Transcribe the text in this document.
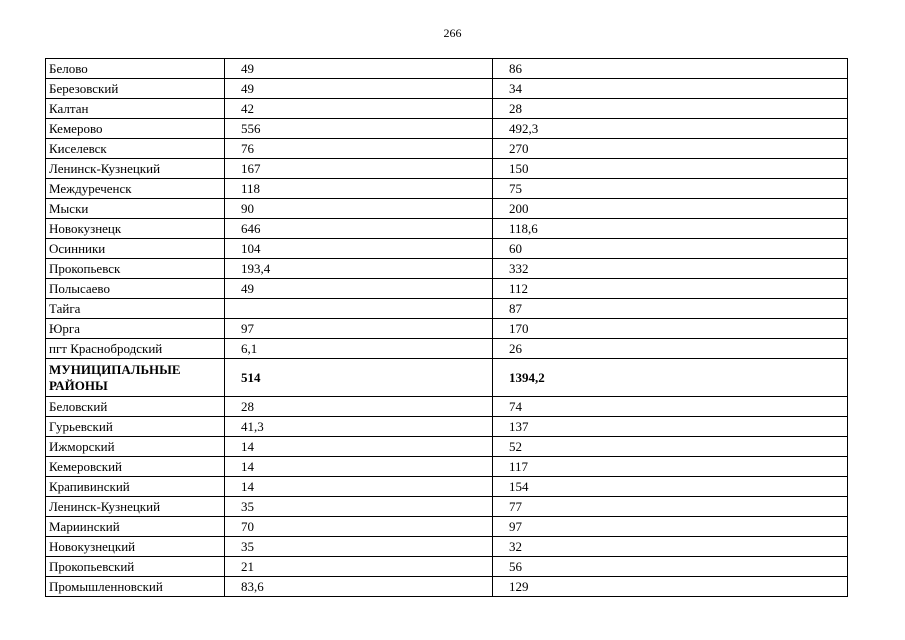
266
Белово	49	86
Березовский	49	34
Калтан	42	28
Кемерово	556	492,3
Киселевск	76	270
Ленинск-Кузнецкий	167	150
Междуреченск	118	75
Мыски	90	200
Новокузнецк	646	118,6
Осинники	104	60
Прокопьевск	193,4	332
Полысаево	49	112
Тайга		87
Юрга	97	170
пгт Краснобродский	6,1	26
МУНИЦИПАЛЬНЫЕ РАЙОНЫ	514	1394,2
Беловский	28	74
Гурьевский	41,3	137
Ижморский	14	52
Кемеровский	14	117
Крапивинский	14	154
Ленинск-Кузнецкий	35	77
Мариинский	70	97
Новокузнецкий	35	32
Прокопьевский	21	56
Промышленновский	83,6	129
